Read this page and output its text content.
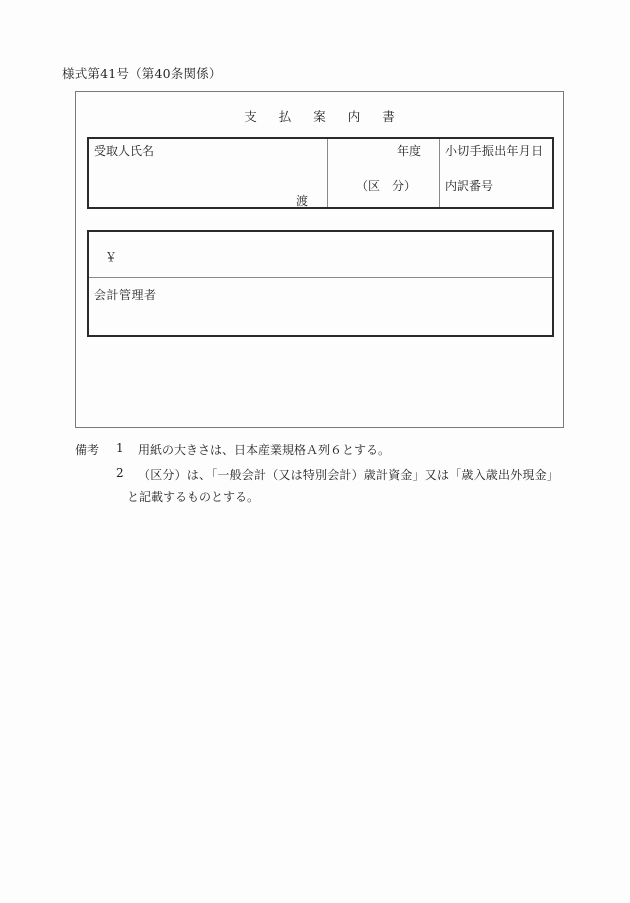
様式第41号（第40条関係）
支 払 案 内 書
受取人氏名
渡
年度
（区　分）
小切手振出年月日
内訳番号
￥
会計管理者
備考 1 用紙の大きさは、日本産業規格Ａ列６とする。
2 （区分）は、「一般会計（又は特別会計）歳計資金」又は「歳入歳出外現金」
と記載するものとする。
